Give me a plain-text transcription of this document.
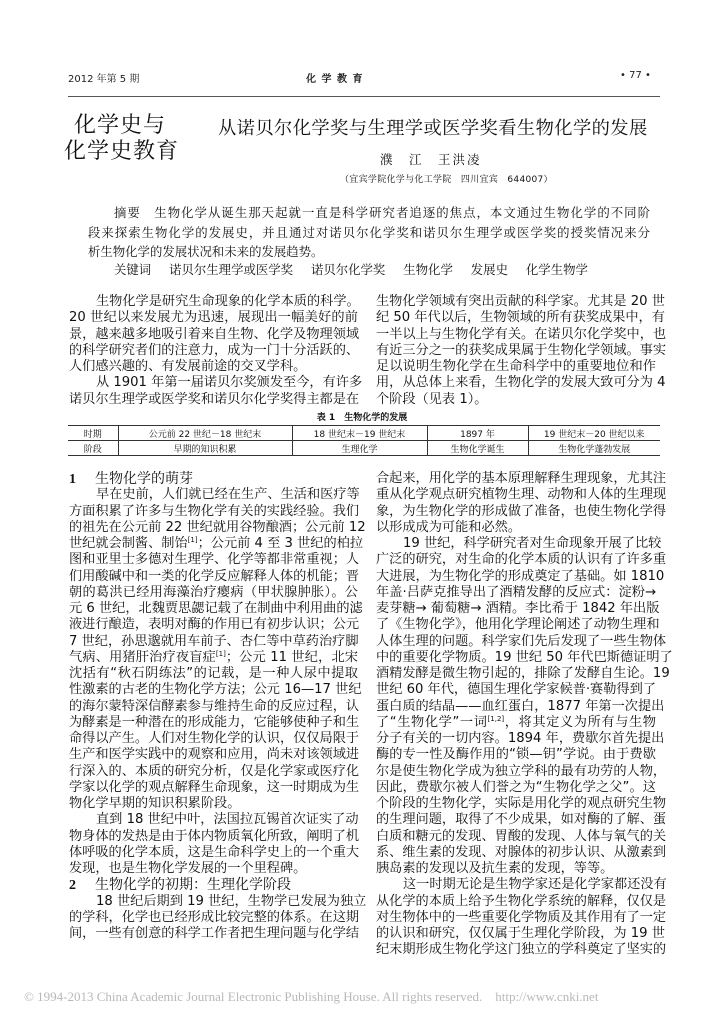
2012 年第 5 期	化 学 教 育	• 77 •
化学史与
化学史教育
从诺贝尔化学奖与生理学或医学奖看生物化学的发展
濮　江　王洪凌
（宜宾学院化学与化工学院　四川宜宾　644007）
摘要　生物化学从诞生那天起就一直是科学研究者追逐的焦点，本文通过生物化学的不同阶
段来探索生物化学的发展史，并且通过对诺贝尔化学奖和诺贝尔生理学或医学奖的授奖情况来分
析生物化学的发展状况和未来的发展趋势。
关键词 诺贝尔生理学或医学奖 诺贝尔化学奖 生物化学 发展史 化学生物学
生物化学是研究生命现象的化学本质的科学。
20 世纪以来发展尤为迅速，展现出一幅美好的前
景，越来越多地吸引着来自生物、化学及物理领域
的科学研究者们的注意力，成为一门十分活跃的、
人们感兴趣的、有发展前途的交叉学科。
从 1901 年第一届诺贝尔奖颁发至今，有许多
诺贝尔生理学或医学奖和诺贝尔化学奖得主都是在
生物化学领域有突出贡献的科学家。尤其是 20 世
纪 50 年代以后，生物领域的所有获奖成果中，有
一半以上与生物化学有关。在诺贝尔化学奖中，也
有近三分之一的获奖成果属于生物化学领域。事实
足以说明生物化学在生命科学中的重要地位和作
用，从总体上来看，生物化学的发展大致可分为 4
个阶段（见表 1）。
表 1　生物化学的发展
时期	公元前 22 世纪－18 世纪末	18 世纪末－19 世纪末	1897 年	19 世纪末－20 世纪以来
阶段	早期的知识积累	生理化学	生物化学诞生	生物化学蓬勃发展
1 生物化学的萌芽
早在史前，人们就已经在生产、生活和医疗等
方面积累了许多与生物化学有关的实践经验。我们
的祖先在公元前 22 世纪就用谷物酿酒；公元前 12
世纪就会制酱、制饴[1]；公元前 4 至 3 世纪的柏拉
图和亚里士多德对生理学、化学等都非常重视；人
们用酸碱中和一类的化学反应解释人体的机能；晋
朝的葛洪已经用海藻治疗瘿病（甲状腺肿胀）。公
元 6 世纪，北魏贾思勰记载了在制曲中利用曲的滤
液进行酿造，表明对酶的作用已有初步认识；公元
7 世纪，孙思邈就用车前子、杏仁等中草药治疗脚
气病、用猪肝治疗夜盲症[1]；公元 11 世纪，北宋
沈括有“秋石阴练法”的记载，是一种人尿中提取
性激素的古老的生物化学方法；公元 16—17 世纪
的海尔蒙特深信酵素参与维持生命的反应过程，认
为酵素是一种潜在的形成能力，它能够使种子和生
命得以产生。人们对生物化学的认识，仅仅局限于
生产和医学实践中的观察和应用，尚未对该领域进
行深入的、本质的研究分析，仅是化学家或医疗化
学家以化学的观点解释生命现象，这一时期成为生
物化学早期的知识积累阶段。
直到 18 世纪中叶，法国拉瓦锡首次证实了动
物身体的发热是由于体内物质氧化所致，阐明了机
体呼吸的化学本质，这是生命科学史上的一个重大
发现，也是生物化学发展的一个里程碑。
2 生物化学的初期：生理化学阶段
18 世纪后期到 19 世纪，生物学已发展为独立
的学科，化学也已经形成比较完整的体系。在这期
间，一些有创意的科学工作者把生理问题与化学结
合起来，用化学的基本原理解释生理现象，尤其注
重从化学观点研究植物生理、动物和人体的生理现
象，为生物化学的形成做了准备，也使生物化学得
以形成成为可能和必然。
19 世纪，科学研究者对生命现象开展了比较
广泛的研究，对生命的化学本质的认识有了许多重
大进展，为生物化学的形成奠定了基础。如 1810
年盖·吕萨克推导出了酒精发酵的反应式：淀粉→
麦芽糖→ 葡萄糖→ 酒精。李比希于 1842 年出版
了《生物化学》，他用化学理论阐述了动物生理和
人体生理的问题。科学家们先后发现了一些生物体
中的重要化学物质。19 世纪 50 年代巴斯德证明了
酒精发酵是微生物引起的，排除了发酵自生论。19
世纪 60 年代，德国生理化学家候普·赛勒得到了
蛋白质的结晶——血红蛋白，1877 年第一次提出
了“生物化学”一词[1,2]，将其定义为所有与生物
分子有关的一切内容。1894 年，费歇尔首先提出
酶的专一性及酶作用的“锁—钥”学说。由于费歇
尔是使生物化学成为独立学科的最有功劳的人物，
因此，费歇尔被人们誉之为“生物化学之父”。这
个阶段的生物化学，实际是用化学的观点研究生物
的生理问题，取得了不少成果，如对酶的了解、蛋
白质和糖元的发现、胃酸的发现、人体与氧气的关
系、维生素的发现、对腺体的初步认识、从激素到
胰岛素的发现以及抗生素的发现，等等。
这一时期无论是生物学家还是化学家都还没有
从化学的本质上给予生物化学系统的解释，仅仅是
对生物体中的一些重要化学物质及其作用有了一定
的认识和研究，仅仅属于生理化学阶段，为 19 世
纪末期形成生物化学这门独立的学科奠定了坚实的
© 1994-2013 China Academic Journal Electronic Publishing House. All rights reserved.    http://www.cnki.net
